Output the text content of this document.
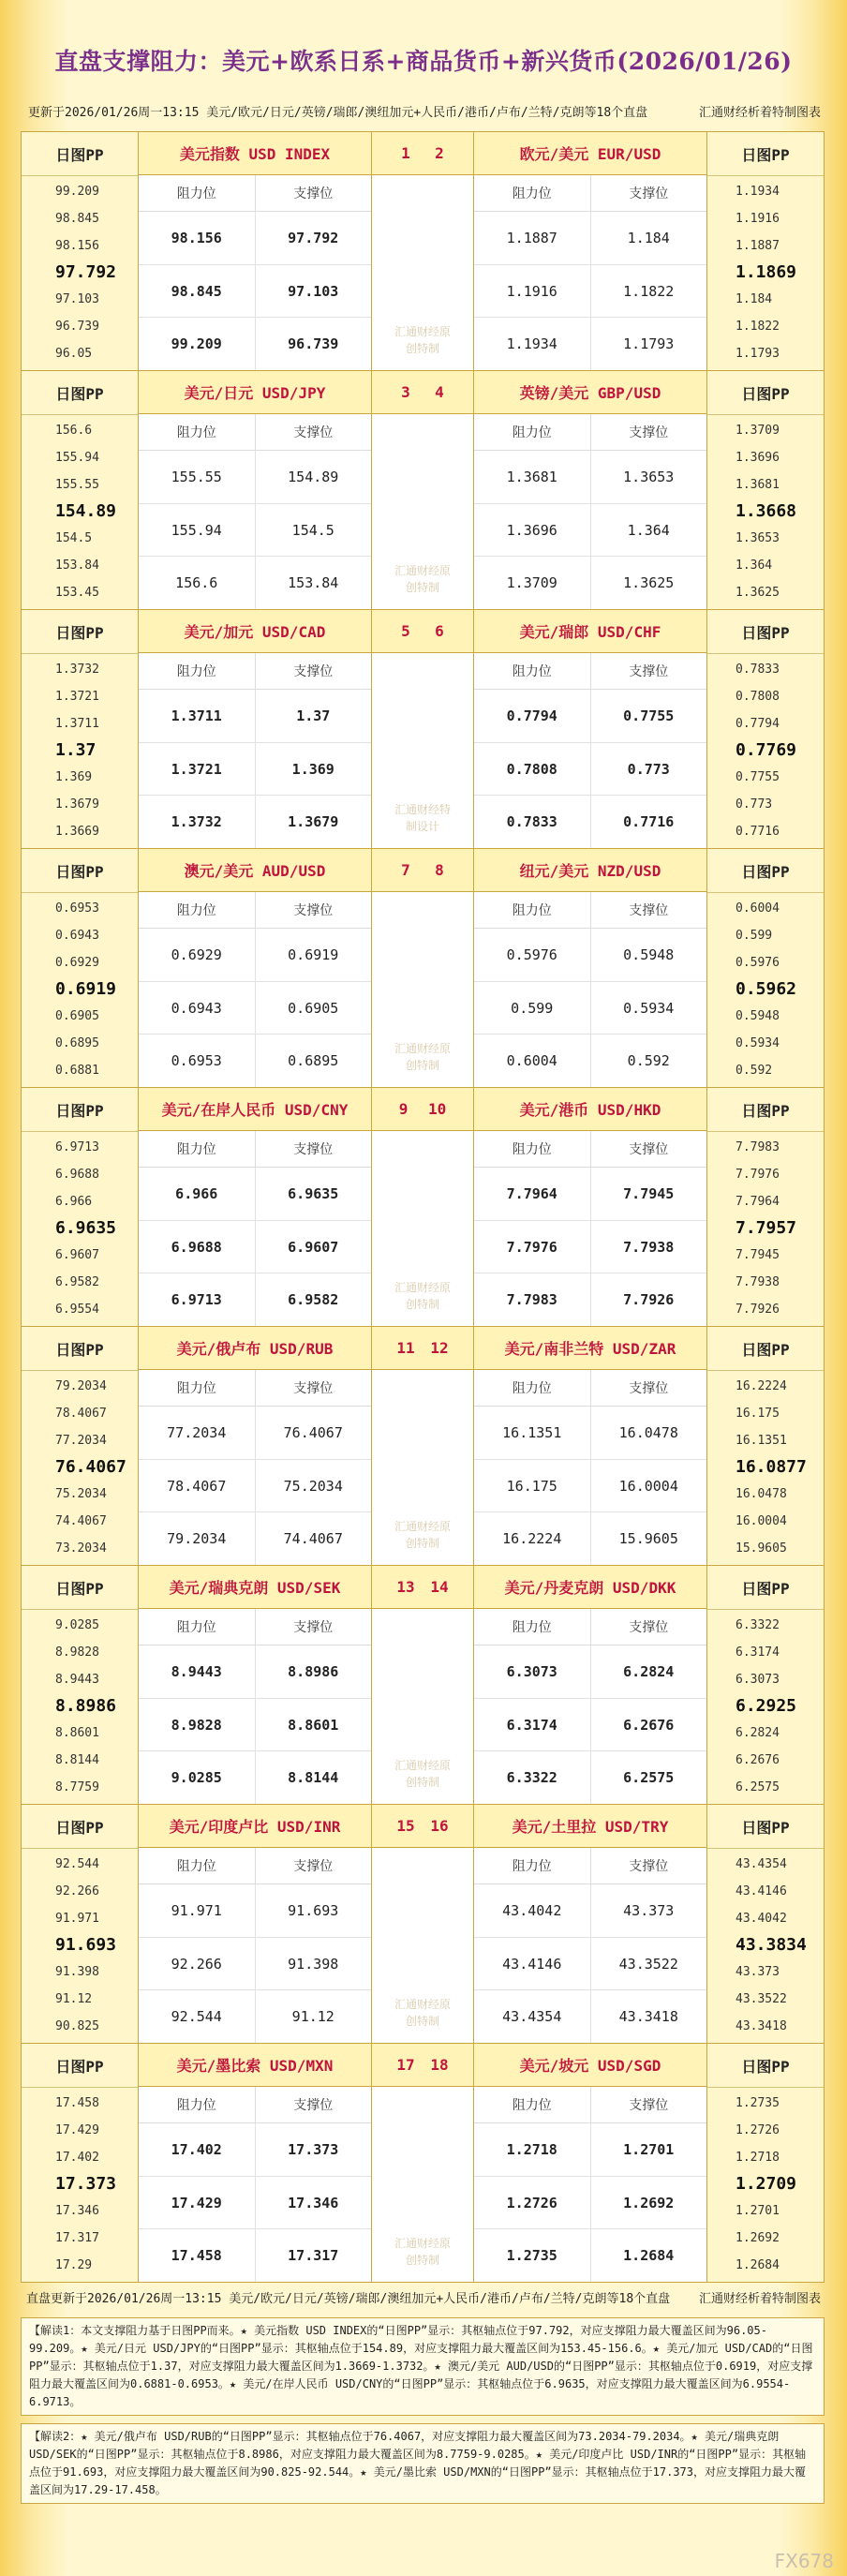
直盘支撑阻力：美元+欧系日系+商品货币+新兴货币(2026/01/26)
更新于2026/01/26周一13:15 美元/欧元/日元/英镑/瑞郎/澳纽加元+人民币/港币/卢布/兰特/克朗等18个直盘	汇通财经析着特制图表
日图PP
99.209
98.845
98.156
97.792
97.103
96.739
96.05
美元指数 USD INDEX
阻力位	支撑位
98.156	97.792
98.845	97.103
99.209	96.739
1 2
汇通财经原创特制
欧元/美元 EUR/USD
阻力位	支撑位
1.1887	1.184
1.1916	1.1822
1.1934	1.1793
日图PP
1.1934
1.1916
1.1887
1.1869
1.184
1.1822
1.1793
日图PP
156.6
155.94
155.55
154.89
154.5
153.84
153.45
美元/日元 USD/JPY
阻力位	支撑位
155.55	154.89
155.94	154.5
156.6	153.84
3 4
汇通财经原创特制
英镑/美元 GBP/USD
阻力位	支撑位
1.3681	1.3653
1.3696	1.364
1.3709	1.3625
日图PP
1.3709
1.3696
1.3681
1.3668
1.3653
1.364
1.3625
日图PP
1.3732
1.3721
1.3711
1.37
1.369
1.3679
1.3669
美元/加元 USD/CAD
阻力位	支撑位
1.3711	1.37
1.3721	1.369
1.3732	1.3679
5 6
汇通财经特制设计
美元/瑞郎 USD/CHF
阻力位	支撑位
0.7794	0.7755
0.7808	0.773
0.7833	0.7716
日图PP
0.7833
0.7808
0.7794
0.7769
0.7755
0.773
0.7716
日图PP
0.6953
0.6943
0.6929
0.6919
0.6905
0.6895
0.6881
澳元/美元 AUD/USD
阻力位	支撑位
0.6929	0.6919
0.6943	0.6905
0.6953	0.6895
7 8
汇通财经原创特制
纽元/美元 NZD/USD
阻力位	支撑位
0.5976	0.5948
0.599	0.5934
0.6004	0.592
日图PP
0.6004
0.599
0.5976
0.5962
0.5948
0.5934
0.592
日图PP
6.9713
6.9688
6.966
6.9635
6.9607
6.9582
6.9554
美元/在岸人民币 USD/CNY
阻力位	支撑位
6.966	6.9635
6.9688	6.9607
6.9713	6.9582
9 10
汇通财经原创特制
美元/港币 USD/HKD
阻力位	支撑位
7.7964	7.7945
7.7976	7.7938
7.7983	7.7926
日图PP
7.7983
7.7976
7.7964
7.7957
7.7945
7.7938
7.7926
日图PP
79.2034
78.4067
77.2034
76.4067
75.2034
74.4067
73.2034
美元/俄卢布 USD/RUB
阻力位	支撑位
77.2034	76.4067
78.4067	75.2034
79.2034	74.4067
11 12
汇通财经原创特制
美元/南非兰特 USD/ZAR
阻力位	支撑位
16.1351	16.0478
16.175	16.0004
16.2224	15.9605
日图PP
16.2224
16.175
16.1351
16.0877
16.0478
16.0004
15.9605
日图PP
9.0285
8.9828
8.9443
8.8986
8.8601
8.8144
8.7759
美元/瑞典克朗 USD/SEK
阻力位	支撑位
8.9443	8.8986
8.9828	8.8601
9.0285	8.8144
13 14
汇通财经原创特制
美元/丹麦克朗 USD/DKK
阻力位	支撑位
6.3073	6.2824
6.3174	6.2676
6.3322	6.2575
日图PP
6.3322
6.3174
6.3073
6.2925
6.2824
6.2676
6.2575
日图PP
92.544
92.266
91.971
91.693
91.398
91.12
90.825
美元/印度卢比 USD/INR
阻力位	支撑位
91.971	91.693
92.266	91.398
92.544	91.12
15 16
汇通财经原创特制
美元/土里拉 USD/TRY
阻力位	支撑位
43.4042	43.373
43.4146	43.3522
43.4354	43.3418
日图PP
43.4354
43.4146
43.4042
43.3834
43.373
43.3522
43.3418
日图PP
17.458
17.429
17.402
17.373
17.346
17.317
17.29
美元/墨比索 USD/MXN
阻力位	支撑位
17.402	17.373
17.429	17.346
17.458	17.317
17 18
汇通财经原创特制
美元/坡元 USD/SGD
阻力位	支撑位
1.2718	1.2701
1.2726	1.2692
1.2735	1.2684
日图PP
1.2735
1.2726
1.2718
1.2709
1.2701
1.2692
1.2684
直盘更新于2026/01/26周一13:15 美元/欧元/日元/英镑/瑞郎/澳纽加元+人民币/港币/卢布/兰特/克朗等18个直盘 汇通财经析着特制图表
【解读1：本文支撑阻力基于日图PP而来。★ 美元指数 USD INDEX的“日图PP”显示：其枢轴点位于97.792，对应支撑阻力最大覆盖区间为96.05-99.209。★ 美元/日元 USD/JPY的“日图PP”显示：其枢轴点位于154.89，对应支撑阻力最大覆盖区间为153.45-156.6。★ 美元/加元 USD/CAD的“日图PP”显示：其枢轴点位于1.37，对应支撑阻力最大覆盖区间为1.3669-1.3732。★ 澳元/美元 AUD/USD的“日图PP”显示：其枢轴点位于0.6919，对应支撑阻力最大覆盖区间为0.6881-0.6953。★ 美元/在岸人民币 USD/CNY的“日图PP”显示：其枢轴点位于6.9635，对应支撑阻力最大覆盖区间为6.9554-6.9713。
【解读2：★ 美元/俄卢布 USD/RUB的“日图PP”显示：其枢轴点位于76.4067，对应支撑阻力最大覆盖区间为73.2034-79.2034。★ 美元/瑞典克朗 USD/SEK的“日图PP”显示：其枢轴点位于8.8986，对应支撑阻力最大覆盖区间为8.7759-9.0285。★ 美元/印度卢比 USD/INR的“日图PP”显示：其枢轴点位于91.693，对应支撑阻力最大覆盖区间为90.825-92.544。★ 美元/墨比索 USD/MXN的“日图PP”显示：其枢轴点位于17.373，对应支撑阻力最大覆盖区间为17.29-17.458。
FX678
